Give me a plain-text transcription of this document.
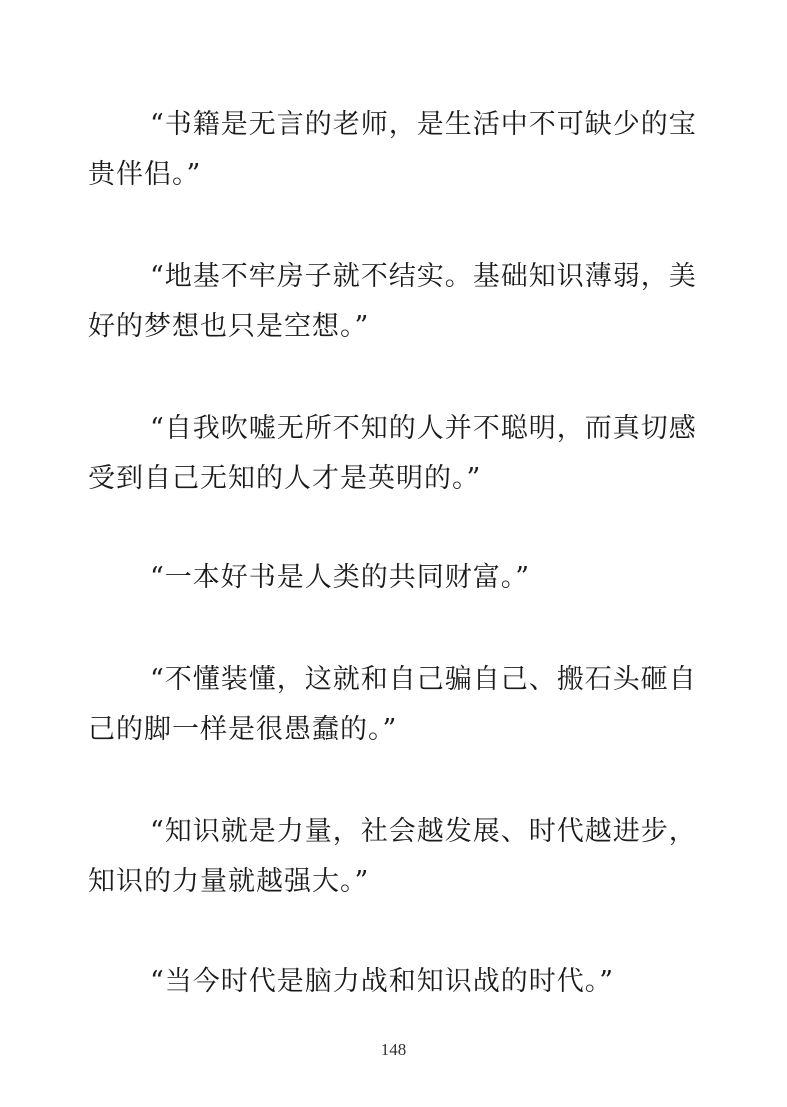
“书籍是无言的老师，是生活中不可缺少的宝贵伴侣。”

“地基不牢房子就不结实。基础知识薄弱，美好的梦想也只是空想。”

“自我吹嘘无所不知的人并不聪明，而真切感受到自己无知的人才是英明的。”

“一本好书是人类的共同财富。”

“不懂装懂，这就和自己骗自己、搬石头砸自己的脚一样是很愚蠢的。”

“知识就是力量，社会越发展、时代越进步，知识的力量就越强大。”

“当今时代是脑力战和知识战的时代。”

148
